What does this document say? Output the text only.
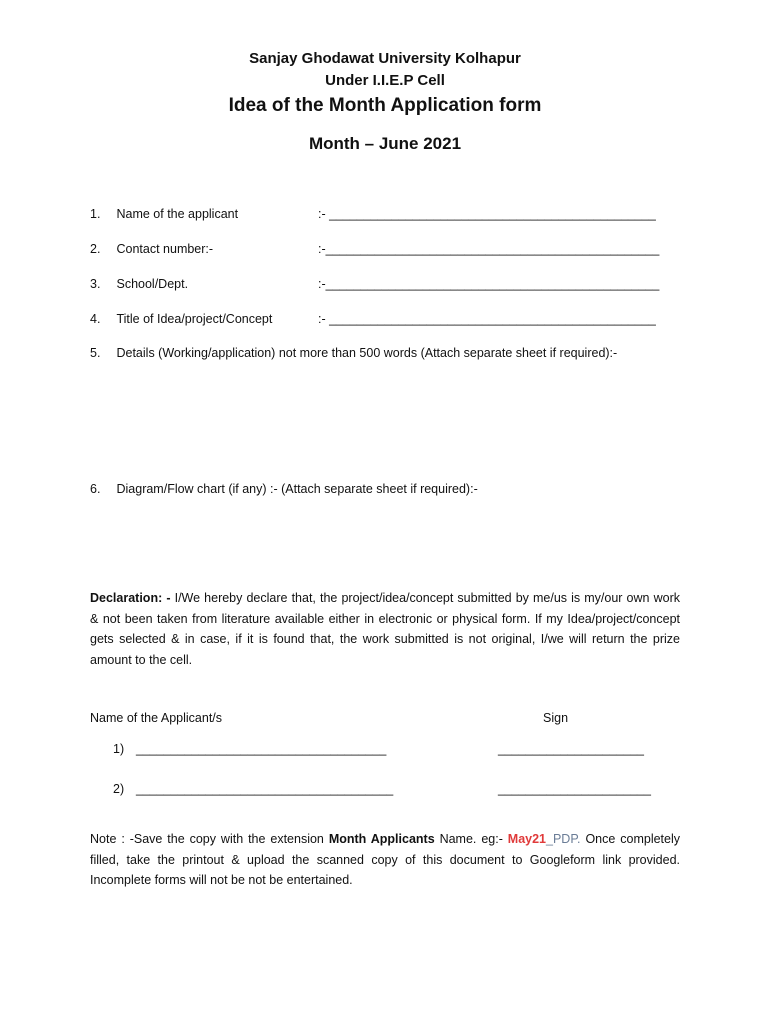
Sanjay Ghodawat University Kolhapur
Under I.I.E.P Cell
Idea of the Month Application form
Month – June 2021
1. Name of the applicant	:- _______________________________________________
2. Contact number:-	:-________________________________________________
3. School/Dept.	:-________________________________________________
4. Title of Idea/project/Concept	:- _______________________________________________
5. Details (Working/application) not more than 500 words (Attach separate sheet if required):-
6. Diagram/Flow chart (if any) :- (Attach separate sheet if required):-
Declaration: - I/We hereby declare that, the project/idea/concept submitted by me/us is my/our own work & not been taken from literature available either in electronic or physical form. If my Idea/project/concept gets selected & in case, if it is found that, the work submitted is not original, I/we will return the prize amount to the cell.
Name of the Applicant/s	Sign
1) ____________________________________	_____________________
2) _____________________________________	______________________
Note : -Save the copy with the extension Month Applicants Name. eg:- May21_PDP. Once completely filled, take the printout & upload the scanned copy of this document to Googleform link provided. Incomplete forms will not be not be entertained.
